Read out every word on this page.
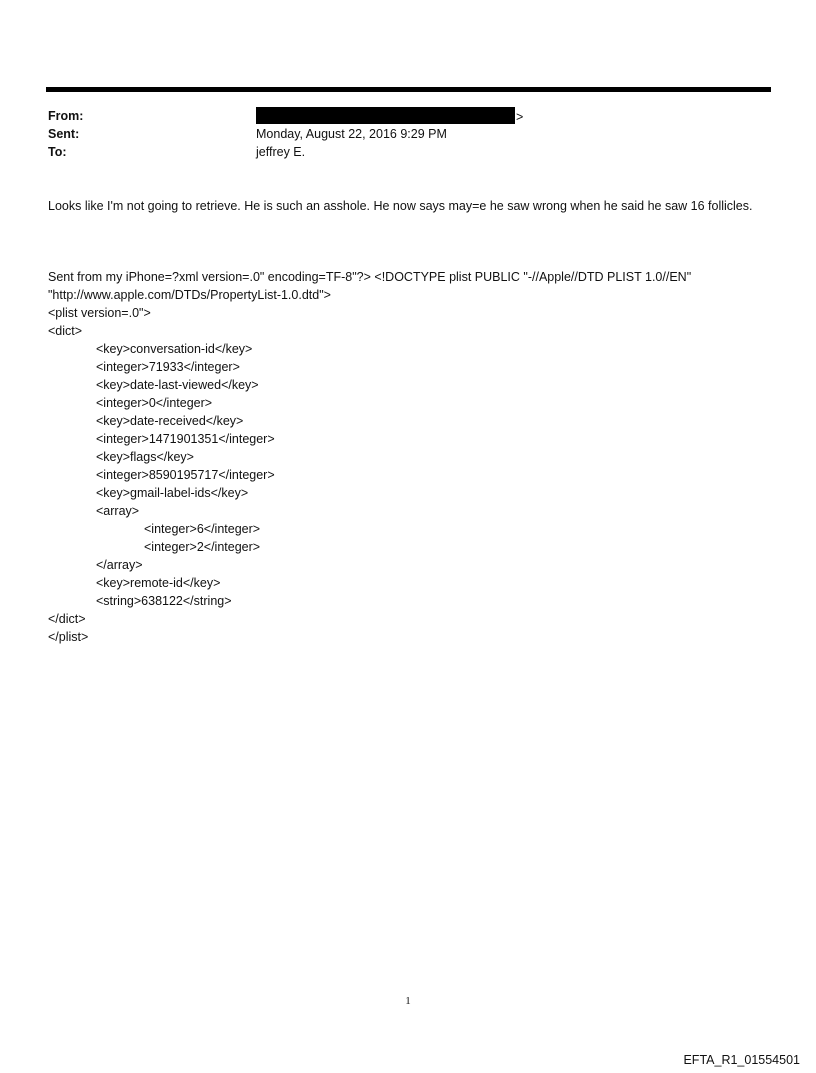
From:	>
Sent:	Monday, August 22, 2016 9:29 PM
To:	jeffrey E.
Looks like I'm not going to retrieve. He is such an asshole. He now says may=e he saw wrong when he said he saw 16 follicles.
Sent from my iPhone=?xml version=.0" encoding=TF-8"?> <!DOCTYPE plist PUBLIC "-//Apple//DTD PLIST 1.0//EN"
"http://www.apple.com/DTDs/PropertyList-1.0.dtd">
<plist version=.0">
<dict>
<key>conversation-id</key>
<integer>71933</integer>
<key>date-last-viewed</key>
<integer>0</integer>
<key>date-received</key>
<integer>1471901351</integer>
<key>flags</key>
<integer>8590195717</integer>
<key>gmail-label-ids</key>
<array>
<integer>6</integer>
<integer>2</integer>
</array>
<key>remote-id</key>
<string>638122</string>
</dict>
</plist>
1
EFTA_R1_01554501
